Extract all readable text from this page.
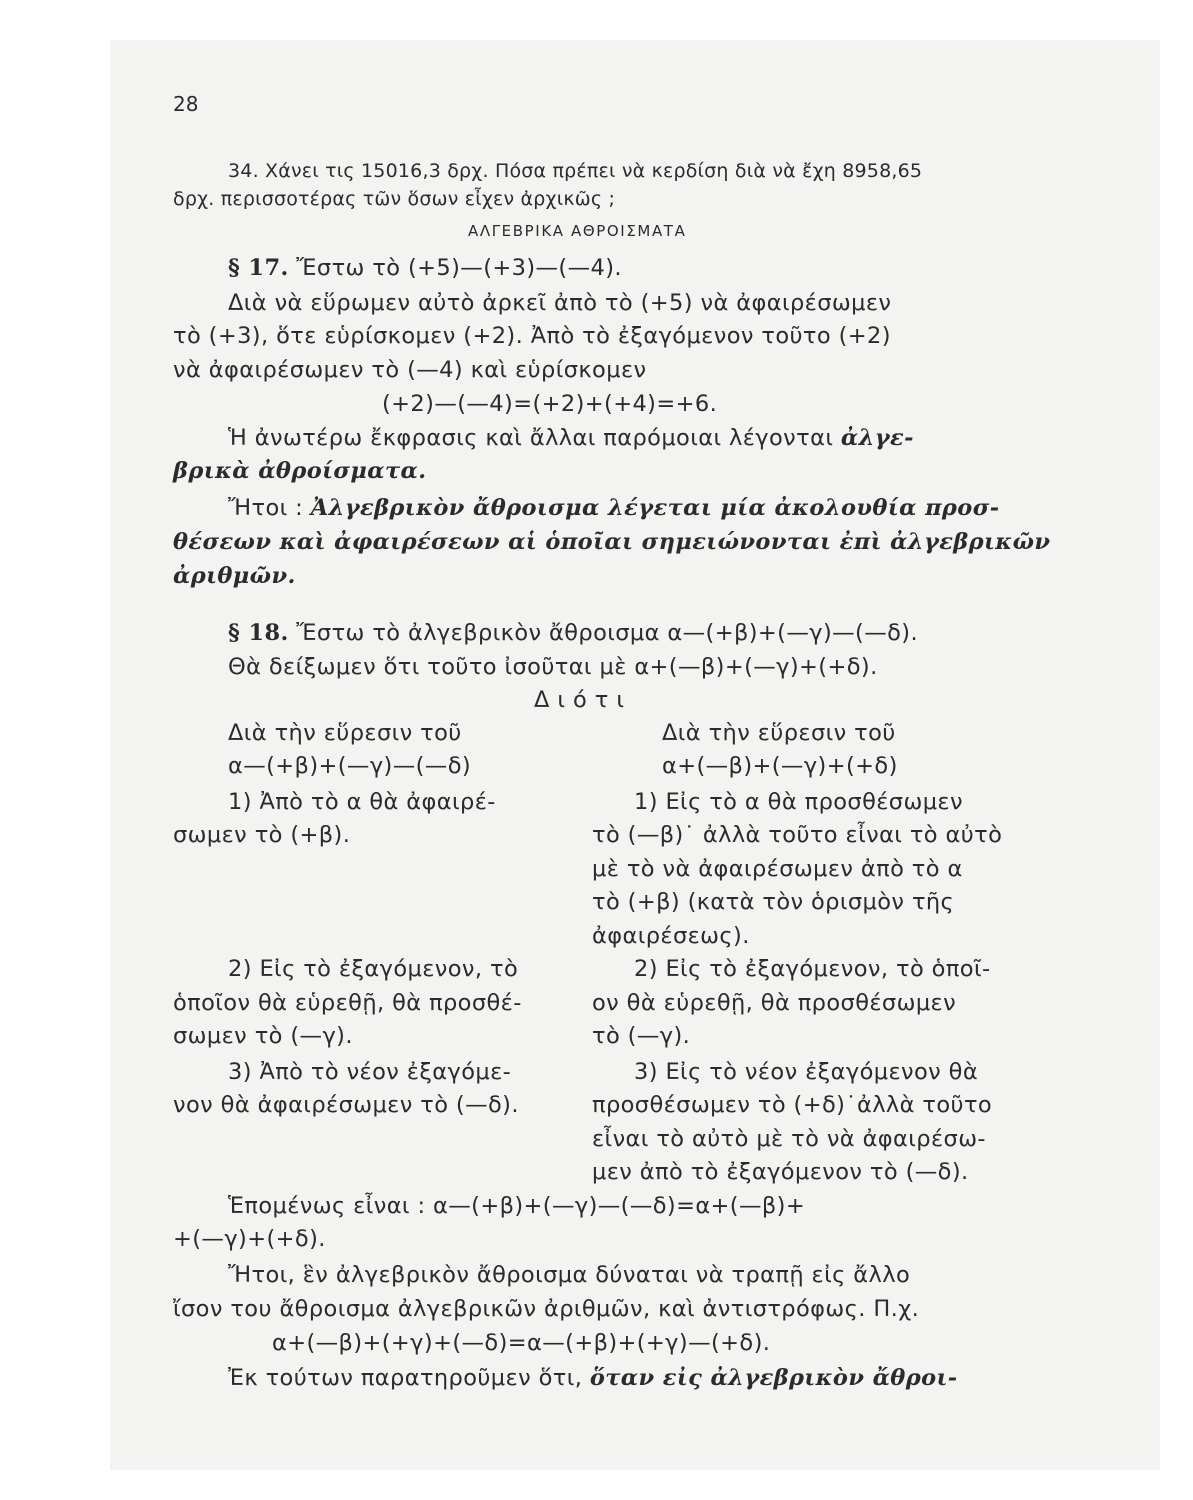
28
34. Χάνει τις 15016,3 δρχ. Πόσα πρέπει νὰ κερδίση διὰ νὰ ἔχη 8958,65
δρχ. περισσοτέρας τῶν ὅσων εἶχεν ἀρχικῶς ;
ΑΛΓΕΒΡΙΚΑ ΑΘΡΟΙΣΜΑΤΑ
§ 17. Ἔστω τὸ (+5)—(+3)—(—4).
Διὰ νὰ εὕρωμεν αὐτὸ ἀρκεῖ ἀπὸ τὸ (+5) νὰ ἀφαιρέσωμεν
τὸ (+3), ὅτε εὑρίσκομεν (+2). Ἀπὸ τὸ ἐξαγόμενον τοῦτο (+2)
νὰ ἀφαιρέσωμεν τὸ (—4) καὶ εὑρίσκομεν
(+2)—(—4)=(+2)+(+4)=+6.
Ἡ ἀνωτέρω ἔκφρασις καὶ ἄλλαι παρόμοιαι λέγονται ἀλγε-
βρικὰ ἀθροίσματα.
Ἤτοι : Ἀλγεβρικὸν ἄθροισμα λέγεται μία ἀκολουθία προσ-
θέσεων καὶ ἀφαιρέσεων αἱ ὁποῖαι σημειώνονται ἐπὶ ἀλγεβρικῶν
ἀριθμῶν.
§ 18. Ἔστω τὸ ἀλγεβρικὸν ἄθροισμα α—(+β)+(—γ)—(—δ).
Θὰ δείξωμεν ὅτι τοῦτο ἰσοῦται μὲ α+(—β)+(—γ)+(+δ).
Διότι
Διὰ τὴν εὕρεσιν τοῦ
α—(+β)+(—γ)—(—δ)
1) Ἀπὸ τὸ α θὰ ἀφαιρέ-
σωμεν τὸ (+β).
2) Εἰς τὸ ἐξαγόμενον, τὸ
ὁποῖον θὰ εὑρεθῇ, θὰ προσθέ-
σωμεν τὸ (—γ).
3) Ἀπὸ τὸ νέον ἐξαγόμε-
νον θὰ ἀφαιρέσωμεν τὸ (—δ).
Διὰ τὴν εὕρεσιν τοῦ
α+(—β)+(—γ)+(+δ)
1) Εἰς τὸ α θὰ προσθέσωμεν
τὸ (—β)˙ ἀλλὰ τοῦτο εἶναι τὸ αὐτὸ
μὲ τὸ νὰ ἀφαιρέσωμεν ἀπὸ τὸ α
τὸ (+β) (κατὰ τὸν ὁρισμὸν τῆς
ἀφαιρέσεως).
2) Εἰς τὸ ἐξαγόμενον, τὸ ὁποῖ-
ον θὰ εὑρεθῇ, θὰ προσθέσωμεν
τὸ (—γ).
3) Εἰς τὸ νέον ἐξαγόμενον θὰ
προσθέσωμεν τὸ (+δ)˙ἀλλὰ τοῦτο
εἶναι τὸ αὐτὸ μὲ τὸ νὰ ἀφαιρέσω-
μεν ἀπὸ τὸ ἐξαγόμενον τὸ (—δ).
Ἑπομένως εἶναι : α—(+β)+(—γ)—(—δ)=α+(—β)+
+(—γ)+(+δ).
Ἤτοι, ἓν ἀλγεβρικὸν ἄθροισμα δύναται νὰ τραπῇ εἰς ἄλλο
ἴσον του ἄθροισμα ἀλγεβρικῶν ἀριθμῶν, καὶ ἀντιστρόφως. Π.χ.
α+(—β)+(+γ)+(—δ)=α—(+β)+(+γ)—(+δ).
Ἐκ τούτων παρατηροῦμεν ὅτι, ὅταν εἰς ἀλγεβρικὸν ἄθροι-
